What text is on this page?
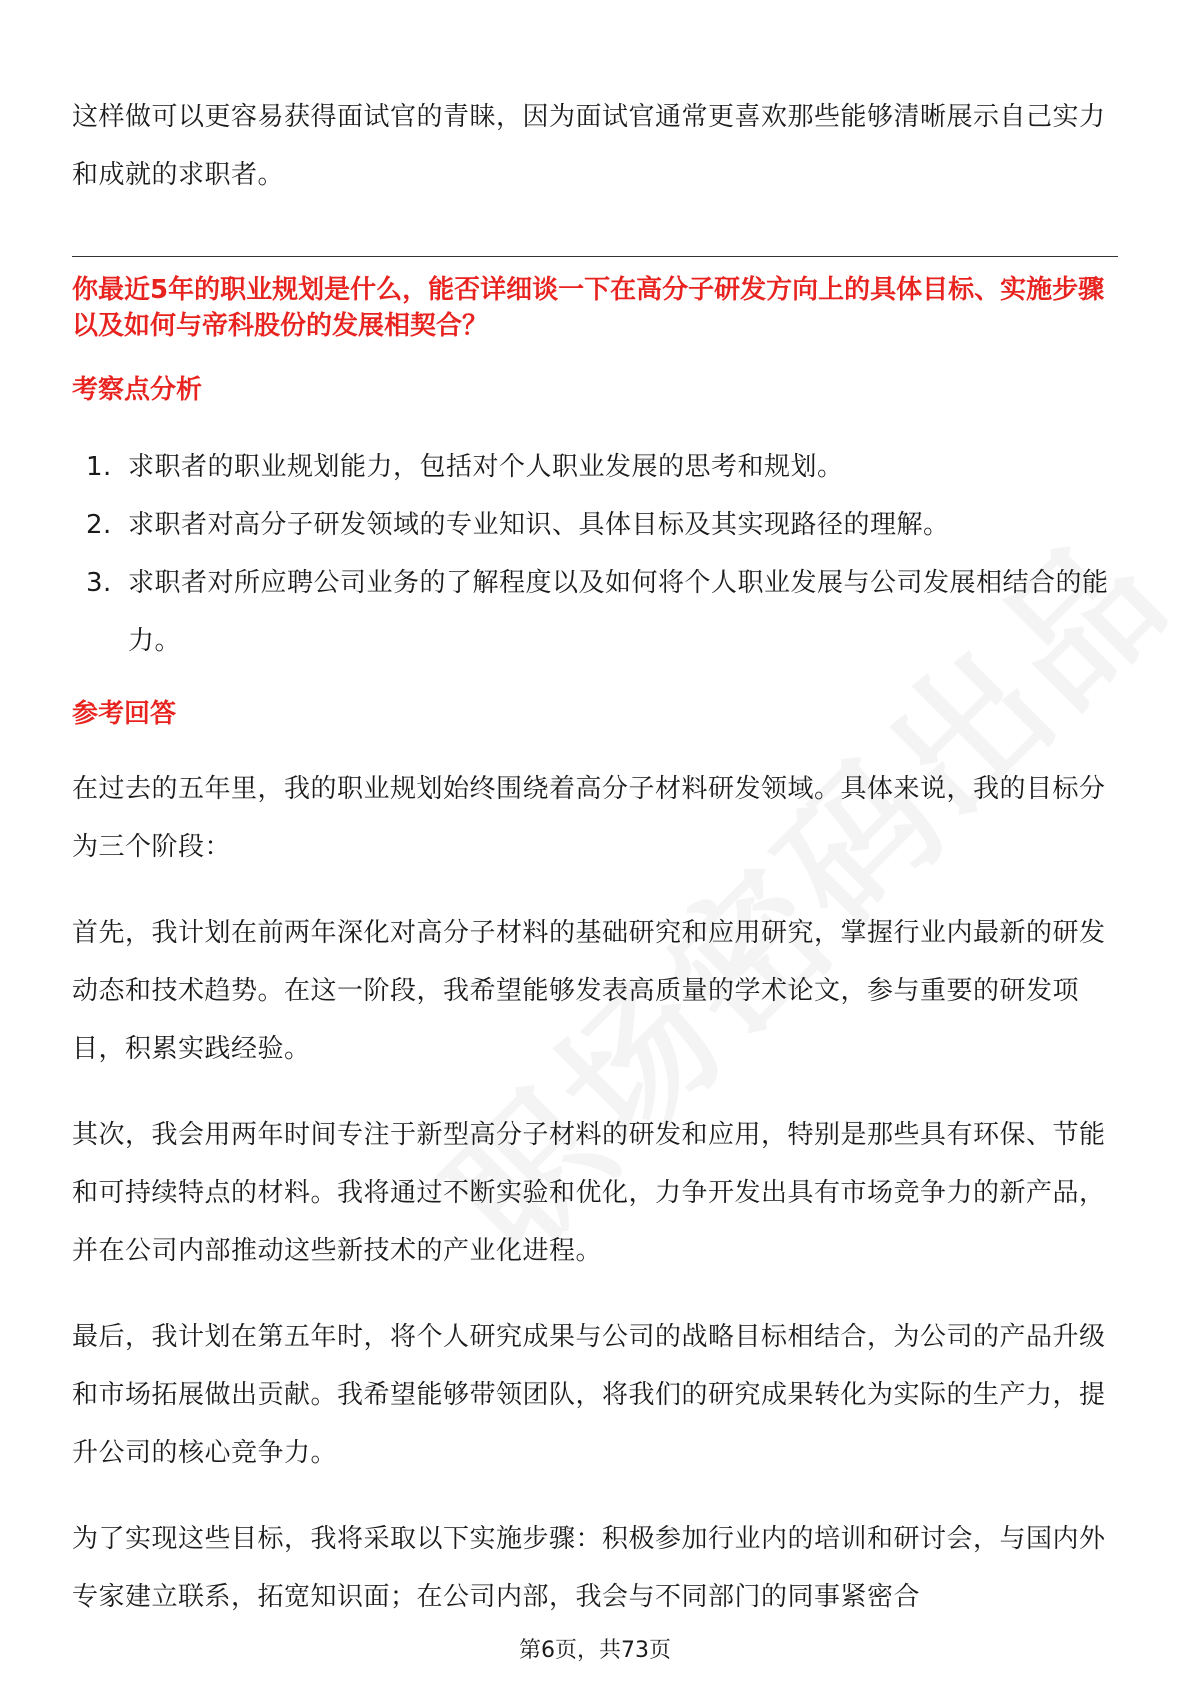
这样做可以更容易获得面试官的青睐，因为面试官通常更喜欢那些能够清晰展示自己实力和成就的求职者。

你最近5年的职业规划是什么，能否详细谈一下在高分子研发方向上的具体目标、实施步骤以及如何与帝科股份的发展相契合？

考察点分析

1. 求职者的职业规划能力，包括对个人职业发展的思考和规划。
2. 求职者对高分子研发领域的专业知识、具体目标及其实现路径的理解。
3. 求职者对所应聘公司业务的了解程度以及如何将个人职业发展与公司发展相结合的能力。

参考回答

在过去的五年里，我的职业规划始终围绕着高分子材料研发领域。具体来说，我的目标分为三个阶段：

首先，我计划在前两年深化对高分子材料的基础研究和应用研究，掌握行业内最新的研发动态和技术趋势。在这一阶段，我希望能够发表高质量的学术论文，参与重要的研发项目，积累实践经验。

其次，我会用两年时间专注于新型高分子材料的研发和应用，特别是那些具有环保、节能和可持续特点的材料。我将通过不断实验和优化，力争开发出具有市场竞争力的新产品，并在公司内部推动这些新技术的产业化进程。

最后，我计划在第五年时，将个人研究成果与公司的战略目标相结合，为公司的产品升级和市场拓展做出贡献。我希望能够带领团队，将我们的研究成果转化为实际的生产力，提升公司的核心竞争力。

为了实现这些目标，我将采取以下实施步骤：积极参加行业内的培训和研讨会，与国内外专家建立联系，拓宽知识面；在公司内部，我会与不同部门的同事紧密合

第6页，共73页
